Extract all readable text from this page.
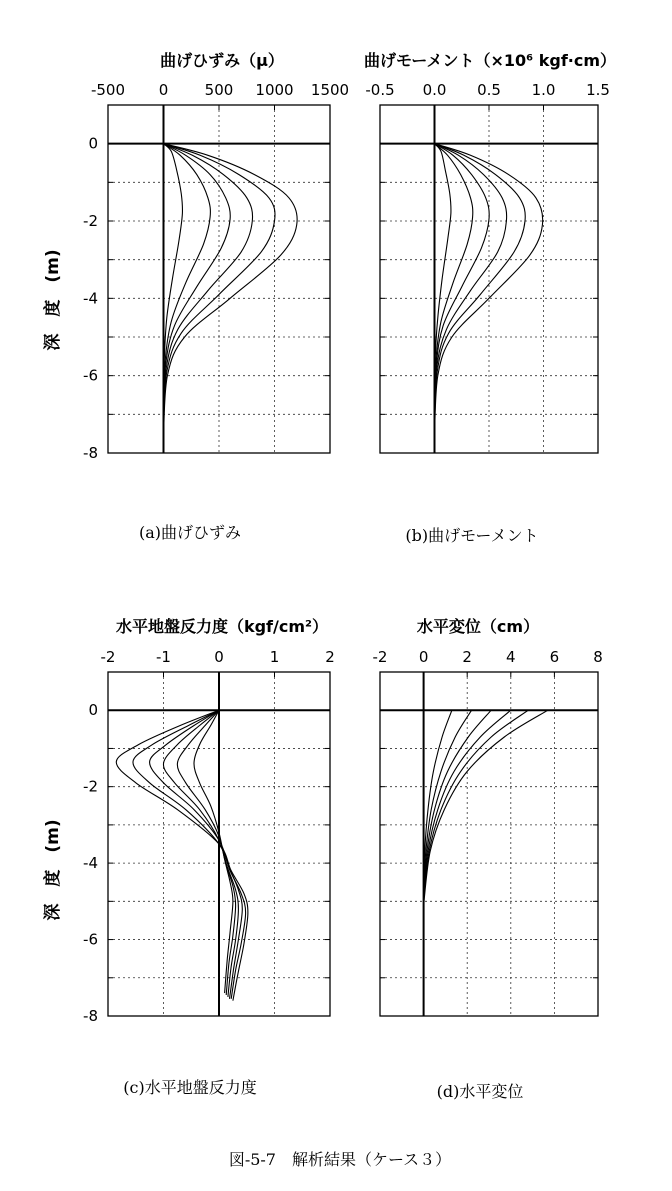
-500 0 500 1000 1500
0
-2
-4
-6
-8
曲げひずみ（μ）
(a)曲げひずみ
深　度　(m)
-0.5 0.0 0.5 1.0 1.5
曲げモーメント（×10⁶ kgf·cm）
(b)曲げモーメント
-2	-1	0	1	2
0
-2
-4
-6
-8
水平地盤反力度（kgf/cm²）
(c)水平地盤反力度
深　度　(m)
-2 0 2 4 6 8
水平変位（cm）
(d)水平変位
図-5-7　解析結果（ケース３）
